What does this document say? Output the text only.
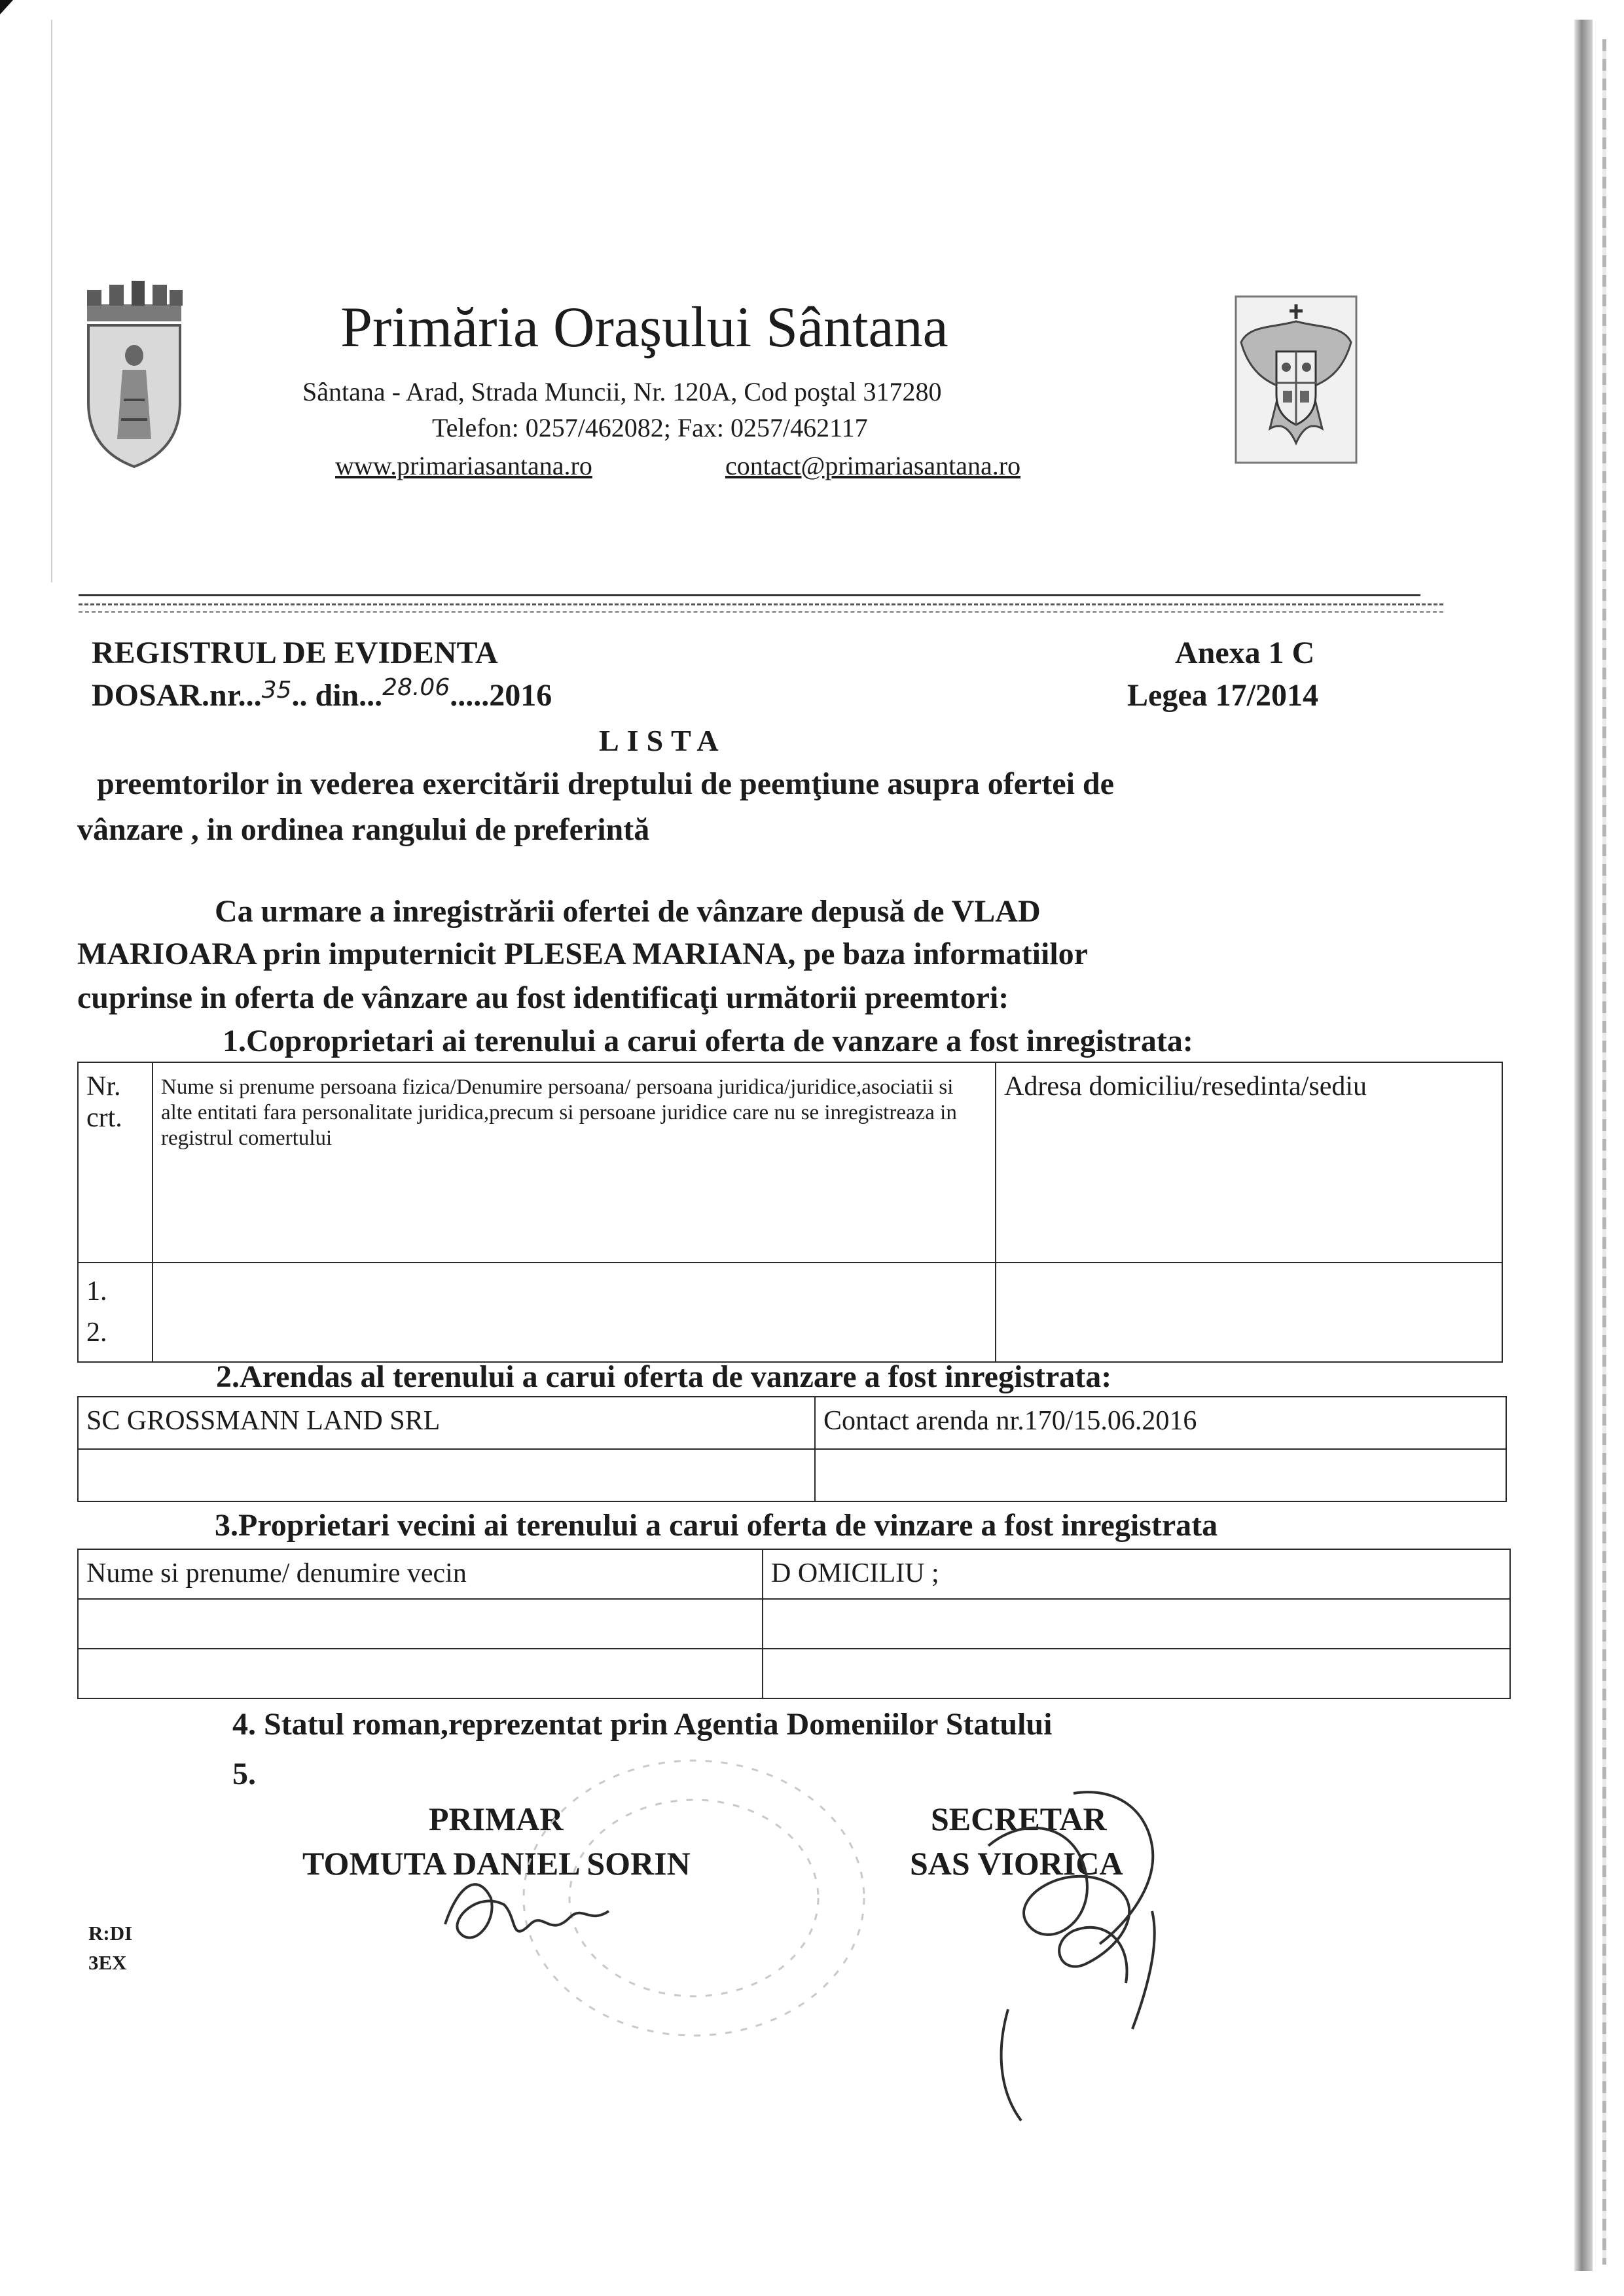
Primăria Oraşului Sântana
Sântana - Arad, Strada Muncii, Nr. 120A, Cod poştal 317280
Telefon: 0257/462082; Fax: 0257/462117
www.primariasantana.ro	contact@primariasantana.ro
REGISTRUL DE EVIDENTA
DOSAR.nr...$^{35}$.. din...$^{28.06}$.....2016
Anexa 1 C
Legea 17/2014
LISTA
preemtorilor in vederea exercitării dreptului de peemţiune asupra ofertei de
vânzare , in ordinea rangului de preferintă
Ca urmare a inregistrării ofertei de vânzare depusă de VLAD
MARIOARA prin imputernicit PLESEA MARIANA, pe baza informatiilor
cuprinse in oferta de vânzare au fost identificaţi următorii preemtori:
1.Coproprietari ai terenului a carui oferta de vanzare a fost inregistrata:
Nr. crt.	Nume si prenume persoana fizica/Denumire persoana/ persoana juridica/juridice,asociatii si alte entitati fara personalitate juridica,precum si persoane juridice care nu se inregistreaza in registrul comertului	Adresa domiciliu/resedinta/sediu
1.
2.		
2.Arendas al terenului a carui oferta de vanzare a fost inregistrata:
SC GROSSMANN LAND SRL	Contact arenda nr.170/15.06.2016

3.Proprietari vecini ai terenului a carui oferta de vinzare a fost inregistrata
Nume si prenume/ denumire vecin	D OMICILIU ;

4. Statul roman,reprezentat prin Agentia Domeniilor Statului
5.
PRIMAR
TOMUTA DANIEL SORIN
SECRETAR
SAS VIORICA
R:DI
3EX
